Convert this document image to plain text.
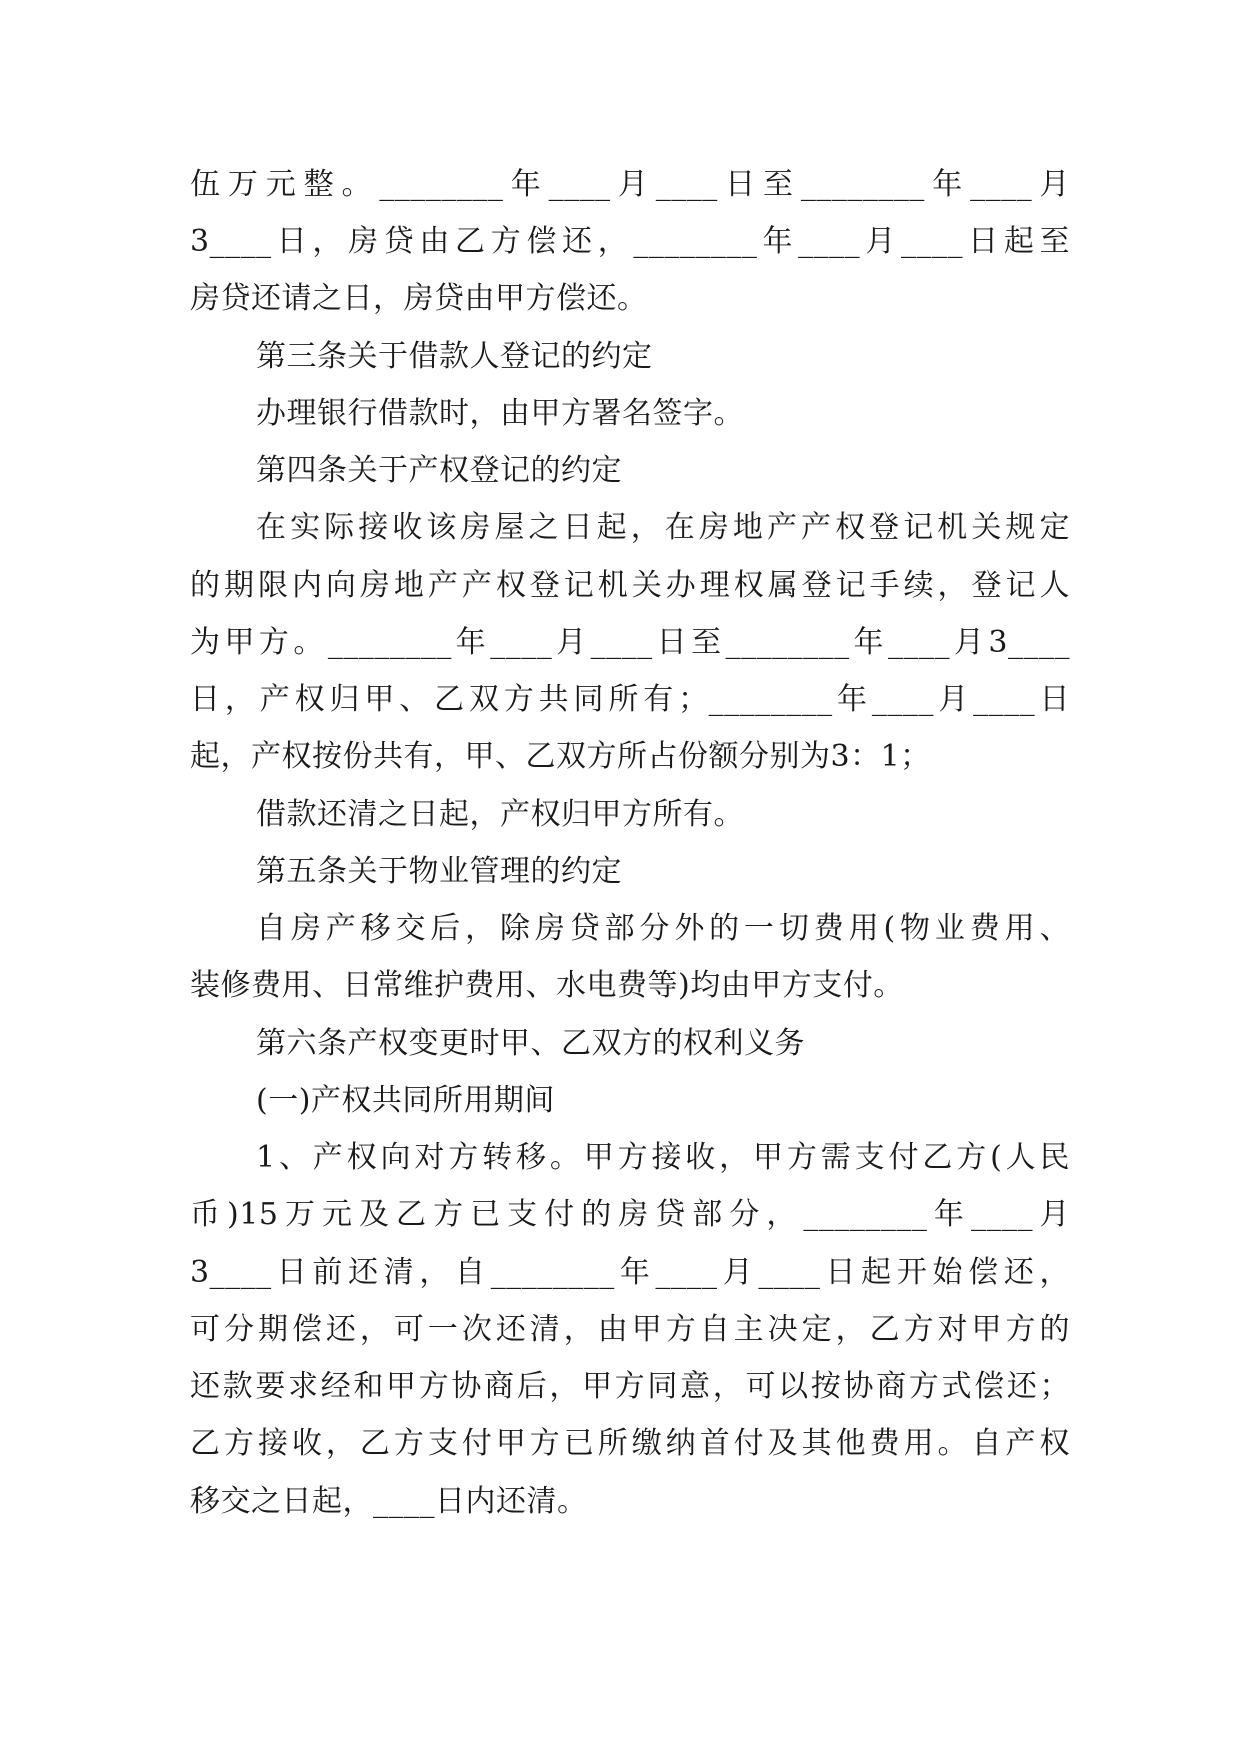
伍万元整。________年____月____日至________年____月
3____日，房贷由乙方偿还，________年____月____日起至
房贷还请之日，房贷由甲方偿还。
第三条关于借款人登记的约定
办理银行借款时，由甲方署名签字。
第四条关于产权登记的约定
在实际接收该房屋之日起，在房地产产权登记机关规定
的期限内向房地产产权登记机关办理权属登记手续，登记人
为甲方。________年____月____日至________年____月3____
日，产权归甲、乙双方共同所有；________年____月____日
起，产权按份共有，甲、乙双方所占份额分别为3：1；
借款还清之日起，产权归甲方所有。
第五条关于物业管理的约定
自房产移交后，除房贷部分外的一切费用(物业费用、
装修费用、日常维护费用、水电费等)均由甲方支付。
第六条产权变更时甲、乙双方的权利义务
(一)产权共同所用期间
1、产权向对方转移。甲方接收，甲方需支付乙方(人民
币)15万元及乙方已支付的房贷部分，________年____月
3____日前还清，自________年____月____日起开始偿还，
可分期偿还，可一次还清，由甲方自主决定，乙方对甲方的
还款要求经和甲方协商后，甲方同意，可以按协商方式偿还；
乙方接收，乙方支付甲方已所缴纳首付及其他费用。自产权
移交之日起，____日内还清。
